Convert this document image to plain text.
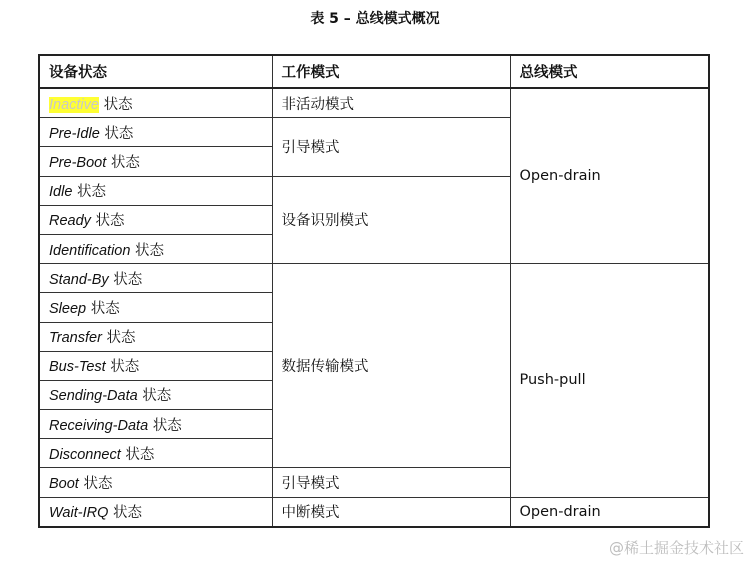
表 5 – 总线模式概况
设备状态	工作模式	总线模式
Inactive 状态	非活动模式	Open-drain
Pre-Idle 状态	引导模式	
Pre-Boot 状态		
Idle 状态	设备识别模式	
Ready 状态		
Identification 状态		
Stand-By 状态	数据传输模式	Push-pull
Sleep 状态		
Transfer 状态		
Bus-Test 状态		
Sending-Data 状态		
Receiving-Data 状态		
Disconnect 状态		
Boot 状态	引导模式	
Wait-IRQ 状态	中断模式	Open-drain
@稀土掘金技术社区
